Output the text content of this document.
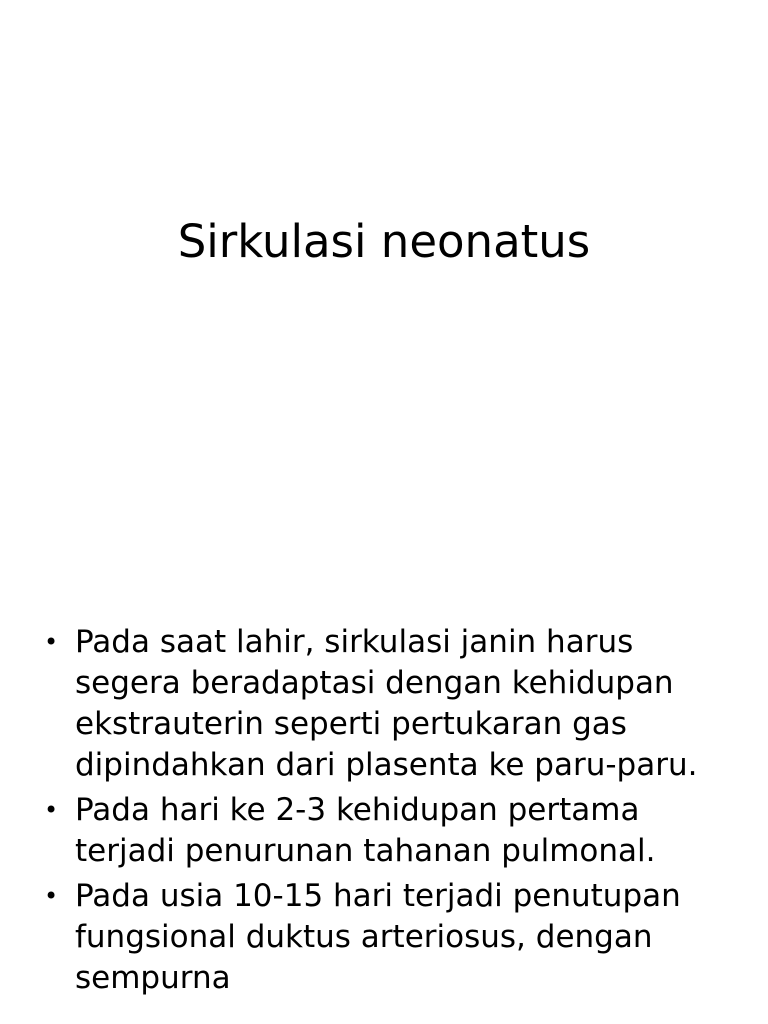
Sirkulasi neonatus
• Pada saat lahir, sirkulasi janin harus segera beradaptasi dengan kehidupan ekstrauterin seperti pertukaran gas dipindahkan dari plasenta ke paru-paru.
• Pada hari ke 2-3 kehidupan pertama terjadi penurunan tahanan pulmonal.
• Pada usia 10-15 hari terjadi penutupan fungsional duktus arteriosus, dengan sempurna
